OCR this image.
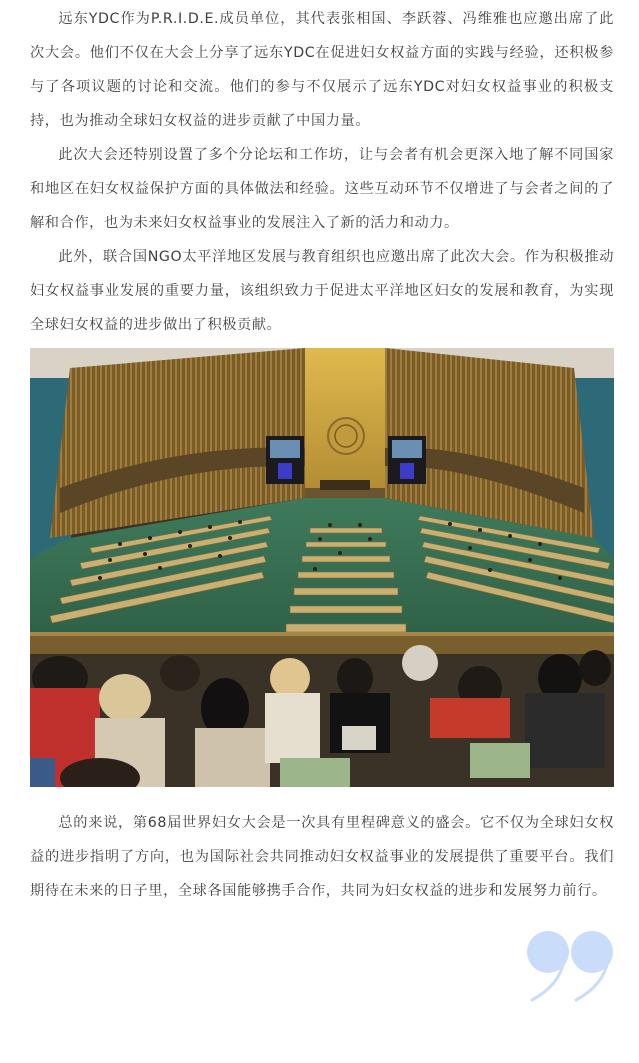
远东YDC作为P.R.I.D.E.成员单位，其代表张相国、李跃蓉、冯维雅也应邀出席了此次大会。他们不仅在大会上分享了远东YDC在促进妇女权益方面的实践与经验，还积极参与了各项议题的讨论和交流。他们的参与不仅展示了远东YDC对妇女权益事业的积极支持，也为推动全球妇女权益的进步贡献了中国力量。

此次大会还特别设置了多个分论坛和工作坊，让与会者有机会更深入地了解不同国家和地区在妇女权益保护方面的具体做法和经验。这些互动环节不仅增进了与会者之间的了解和合作，也为未来妇女权益事业的发展注入了新的活力和动力。

此外，联合国NGO太平洋地区发展与教育组织也应邀出席了此次大会。作为积极推动妇女权益事业发展的重要力量，该组织致力于促进太平洋地区妇女的发展和教育，为实现全球妇女权益的进步做出了积极贡献。

总的来说，第68届世界妇女大会是一次具有里程碑意义的盛会。它不仅为全球妇女权益的进步指明了方向，也为国际社会共同推动妇女权益事业的发展提供了重要平台。我们期待在未来的日子里，全球各国能够携手合作，共同为妇女权益的进步和发展努力前行。
